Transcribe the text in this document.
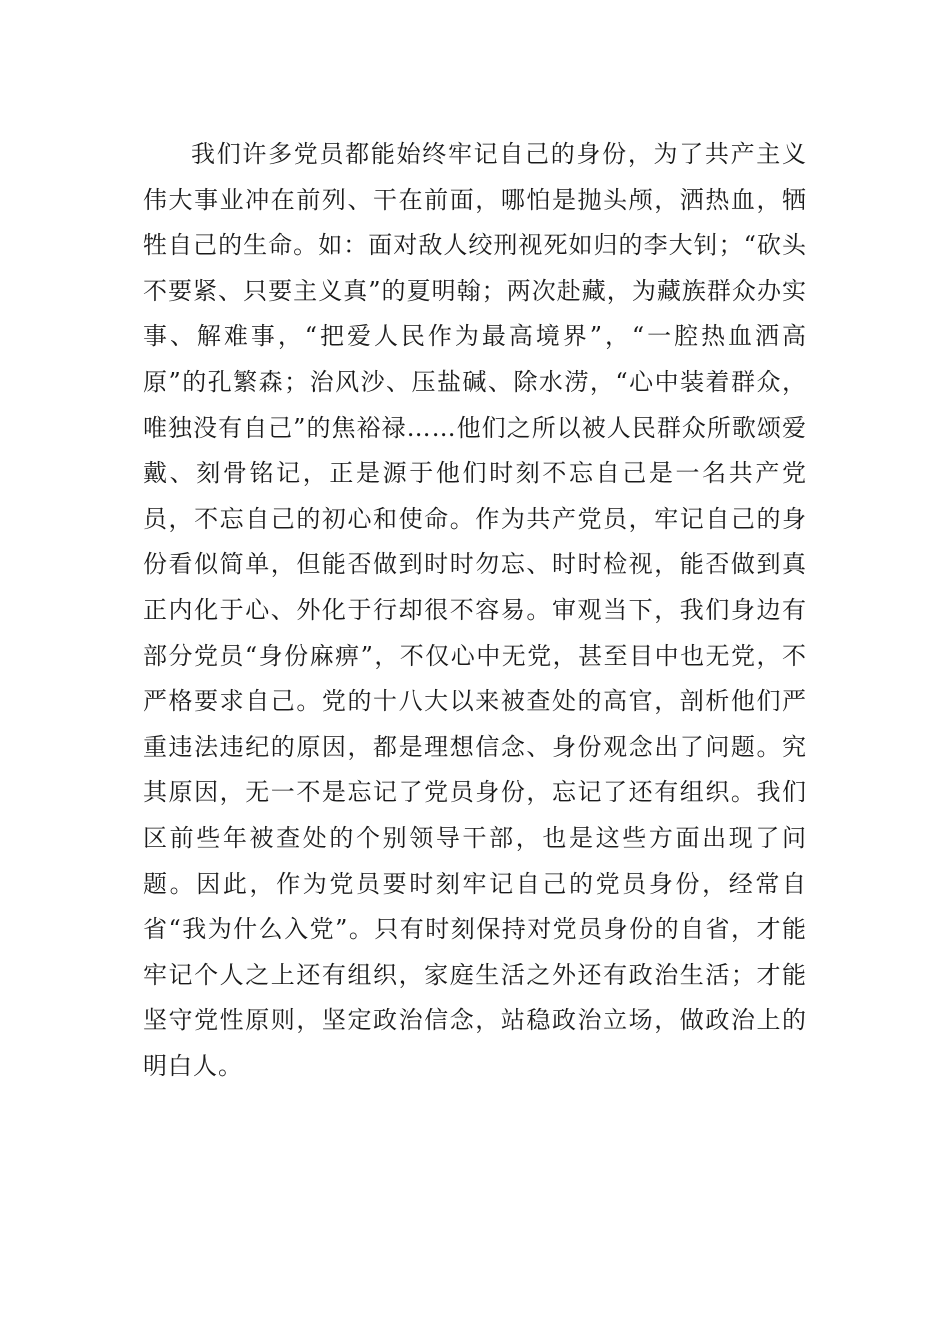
我们许多党员都能始终牢记自己的身份，为了共产主义伟大事业冲在前列、干在前面，哪怕是抛头颅，洒热血，牺牲自己的生命。如：面对敌人绞刑视死如归的李大钊；“砍头不要紧、只要主义真”的夏明翰；两次赴藏，为藏族群众办实事、解难事，“把爱人民作为最高境界”，“一腔热血洒高原”的孔繁森；治风沙、压盐碱、除水涝，“心中装着群众，唯独没有自己”的焦裕禄……他们之所以被人民群众所歌颂爱戴、刻骨铭记，正是源于他们时刻不忘自己是一名共产党员，不忘自己的初心和使命。作为共产党员，牢记自己的身份看似简单，但能否做到时时勿忘、时时检视，能否做到真正内化于心、外化于行却很不容易。审观当下，我们身边有部分党员“身份麻痹”，不仅心中无党，甚至目中也无党，不严格要求自己。党的十八大以来被查处的高官，剖析他们严重违法违纪的原因，都是理想信念、身份观念出了问题。究其原因，无一不是忘记了党员身份，忘记了还有组织。我们区前些年被查处的个别领导干部，也是这些方面出现了问题。因此，作为党员要时刻牢记自己的党员身份，经常自省“我为什么入党”。只有时刻保持对党员身份的自省，才能牢记个人之上还有组织，家庭生活之外还有政治生活；才能坚守党性原则，坚定政治信念，站稳政治立场，做政治上的明白人。
